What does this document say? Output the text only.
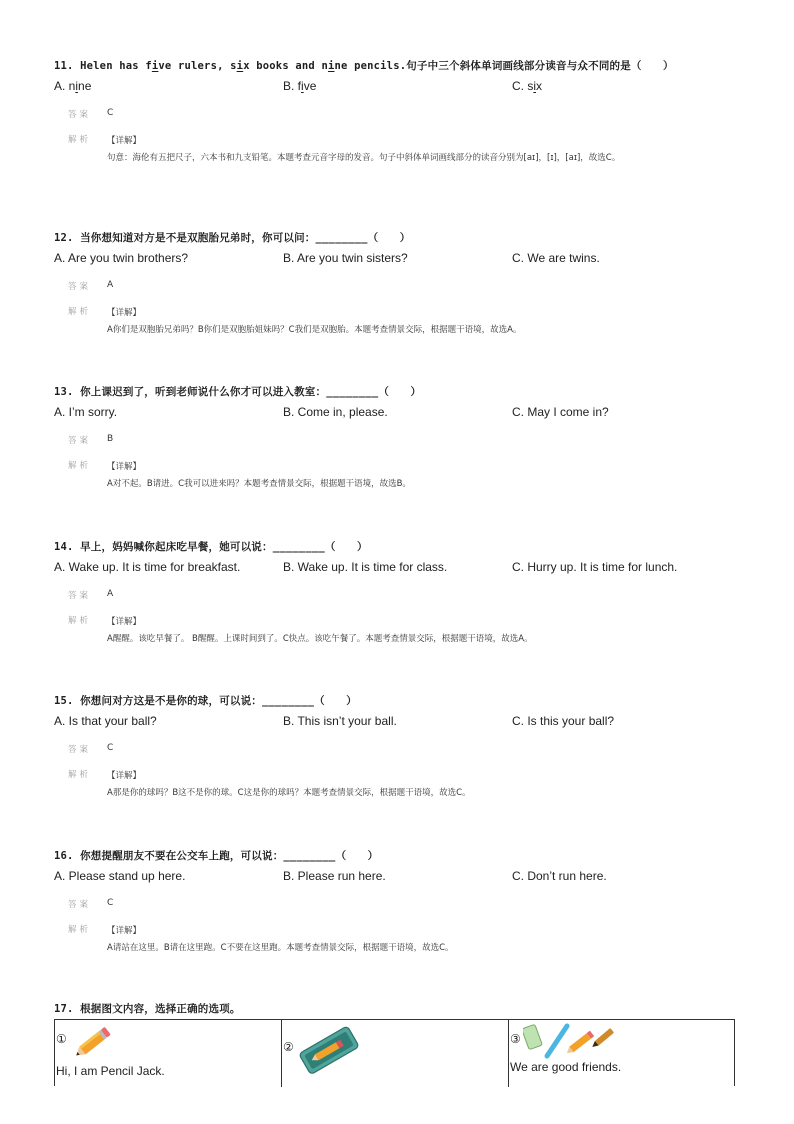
11. Helen has five rulers, six books and nine pencils.句子中三个斜体单词画线部分读音与众不同的是（　　）
A. nine	B. five	C. six
答案 C
解析 【详解】
句意：海伦有五把尺子，六本书和九支铅笔。本题考查元音字母的发音。句子中斜体单词画线部分的读音分别为[aɪ]，[ɪ]，[aɪ]，故选C。
12. 当你想知道对方是不是双胞胎兄弟时，你可以问：________（　　）
A. Are you twin brothers?	B. Are you twin sisters?	C. We are twins.
答案 A
解析 【详解】
A你们是双胞胎兄弟吗？B你们是双胞胎姐妹吗？C我们是双胞胎。本题考查情景交际，根据题干语境，故选A。
13. 你上课迟到了，听到老师说什么你才可以进入教室：________（　　）
A. I’m sorry.	B. Come in, please.	C. May I come in?
答案 B
解析 【详解】
A对不起。B请进。C我可以进来吗？本题考查情景交际，根据题干语境，故选B。
14. 早上，妈妈喊你起床吃早餐，她可以说：________（　　）
A. Wake up. It is time for breakfast.	B. Wake up. It is time for class.	C. Hurry up. It is time for lunch.
答案 A
解析 【详解】
A醒醒。该吃早餐了。 B醒醒。上课时间到了。C快点。该吃午餐了。本题考查情景交际，根据题干语境，故选A。
15. 你想问对方这是不是你的球，可以说：________（　　）
A. Is that your ball?	B. This isn’t your ball.	C. Is this your ball?
答案 C
解析 【详解】
A那是你的球吗？B这不是你的球。C这是你的球吗？本题考查情景交际，根据题干语境，故选C。
16. 你想提醒朋友不要在公交车上跑，可以说：________（　　）
A. Please stand up here.	B. Please run here.	C. Don’t run here.
答案 C
解析 【详解】
A请站在这里。B请在这里跑。C不要在这里跑。本题考查情景交际，根据题干语境，故选C。
17. 根据图文内容，选择正确的选项。
①
Hi, I am Pencil Jack.
②
③
We are good friends.
